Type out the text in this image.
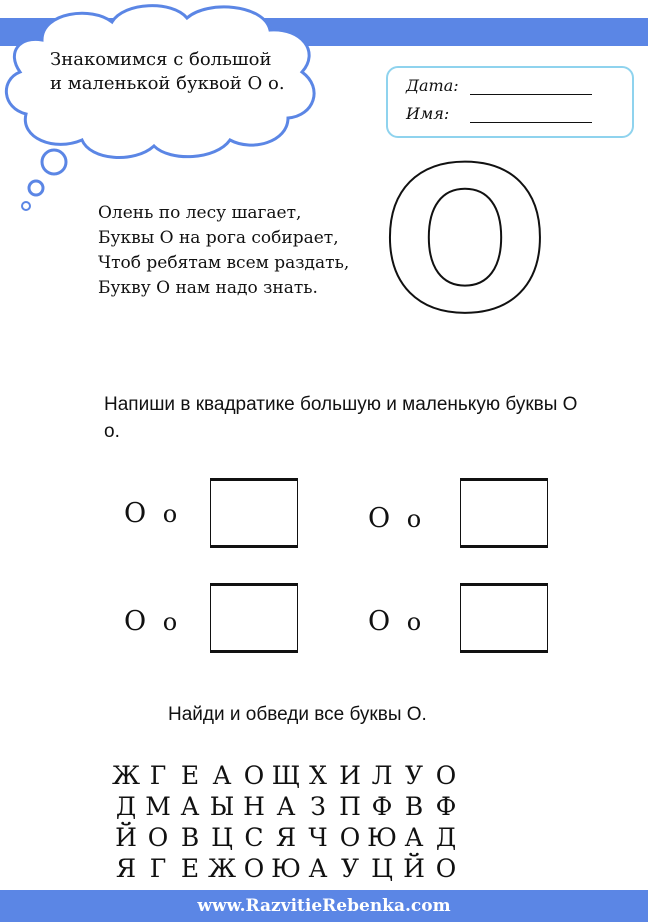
Знакомимся с большой
и маленькой буквой О о.	Дата:
Имя:
О
Олень по лесу шагает,
Буквы О на рога собирает,
Чтоб ребятам всем раздать,
Букву О нам надо знать.
Напиши в квадратике большую и маленькую буквы О о.
О о	О о
О о	О о
Найди и обведи все буквы О.
Ж Г Е А О Щ Х И Л У О
Д М А Ы Н А З П Ф В Ф
Й О В Ц С Я Ч О Ю А Д
Я Г Е Ж О Ю А У Ц Й О
www.RazvitieRebenka.com
